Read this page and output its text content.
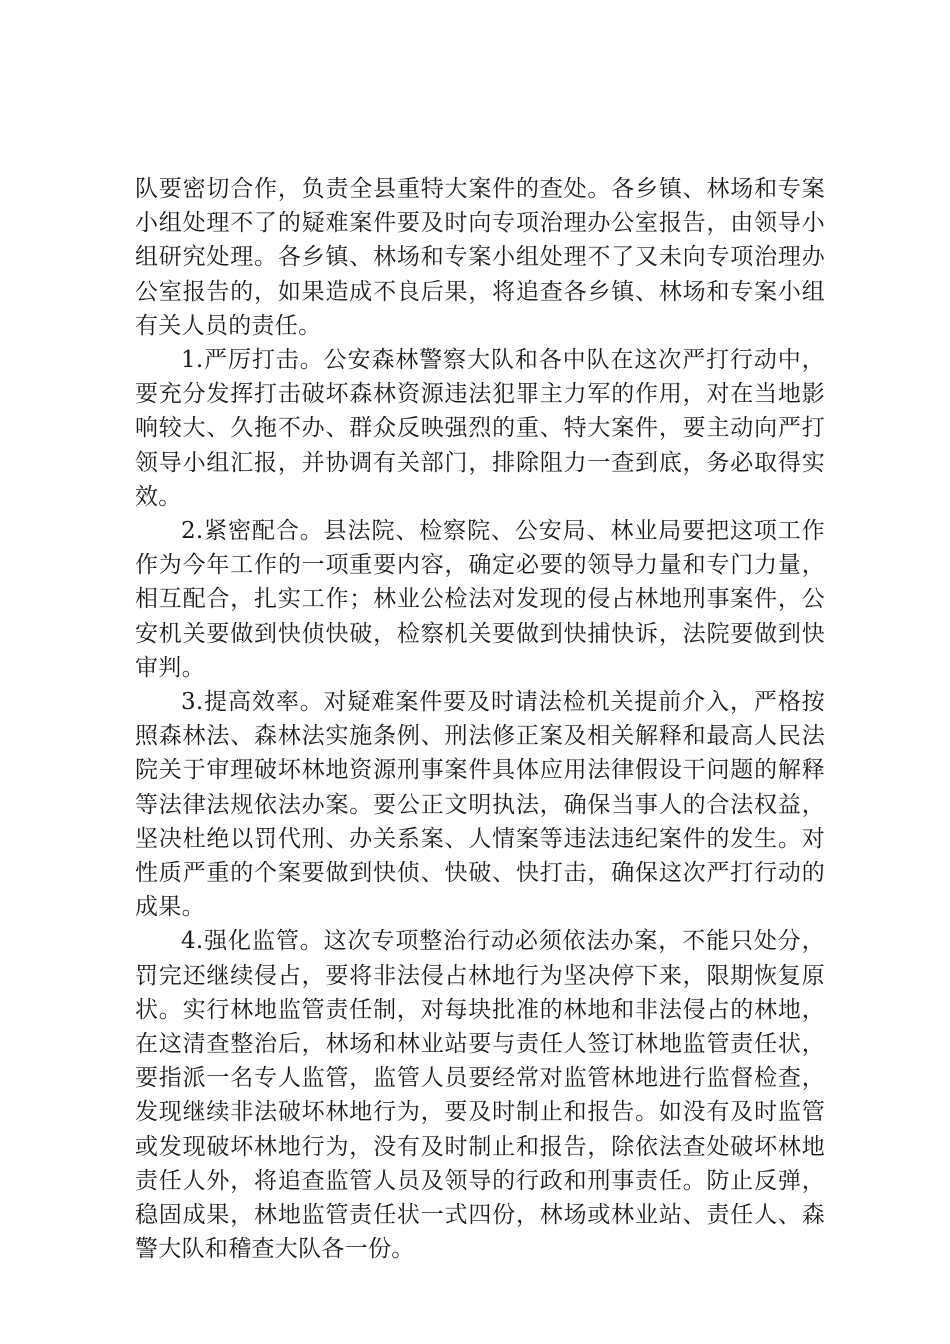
队要密切合作，负责全县重特大案件的查处。各乡镇、林场和专案小组处理不了的疑难案件要及时向专项治理办公室报告，由领导小组研究处理。各乡镇、林场和专案小组处理不了又未向专项治理办公室报告的，如果造成不良后果，将追查各乡镇、林场和专案小组有关人员的责任。

1.严厉打击。公安森林警察大队和各中队在这次严打行动中，要充分发挥打击破坏森林资源违法犯罪主力军的作用，对在当地影响较大、久拖不办、群众反映强烈的重、特大案件，要主动向严打领导小组汇报，并协调有关部门，排除阻力一查到底，务必取得实效。

2.紧密配合。县法院、检察院、公安局、林业局要把这项工作作为今年工作的一项重要内容，确定必要的领导力量和专门力量，相互配合，扎实工作；林业公检法对发现的侵占林地刑事案件，公安机关要做到快侦快破，检察机关要做到快捕快诉，法院要做到快审判。

3.提高效率。对疑难案件要及时请法检机关提前介入，严格按照森林法、森林法实施条例、刑法修正案及相关解释和最高人民法院关于审理破坏林地资源刑事案件具体应用法律假设干问题的解释等法律法规依法办案。要公正文明执法，确保当事人的合法权益，坚决杜绝以罚代刑、办关系案、人情案等违法违纪案件的发生。对性质严重的个案要做到快侦、快破、快打击，确保这次严打行动的成果。

4.强化监管。这次专项整治行动必须依法办案，不能只处分，罚完还继续侵占，要将非法侵占林地行为坚决停下来，限期恢复原状。实行林地监管责任制，对每块批准的林地和非法侵占的林地，在这清查整治后，林场和林业站要与责任人签订林地监管责任状，要指派一名专人监管，监管人员要经常对监管林地进行监督检查，发现继续非法破坏林地行为，要及时制止和报告。如没有及时监管或发现破坏林地行为，没有及时制止和报告，除依法查处破坏林地责任人外，将追查监管人员及领导的行政和刑事责任。防止反弹，稳固成果，林地监管责任状一式四份，林场或林业站、责任人、森警大队和稽查大队各一份。
